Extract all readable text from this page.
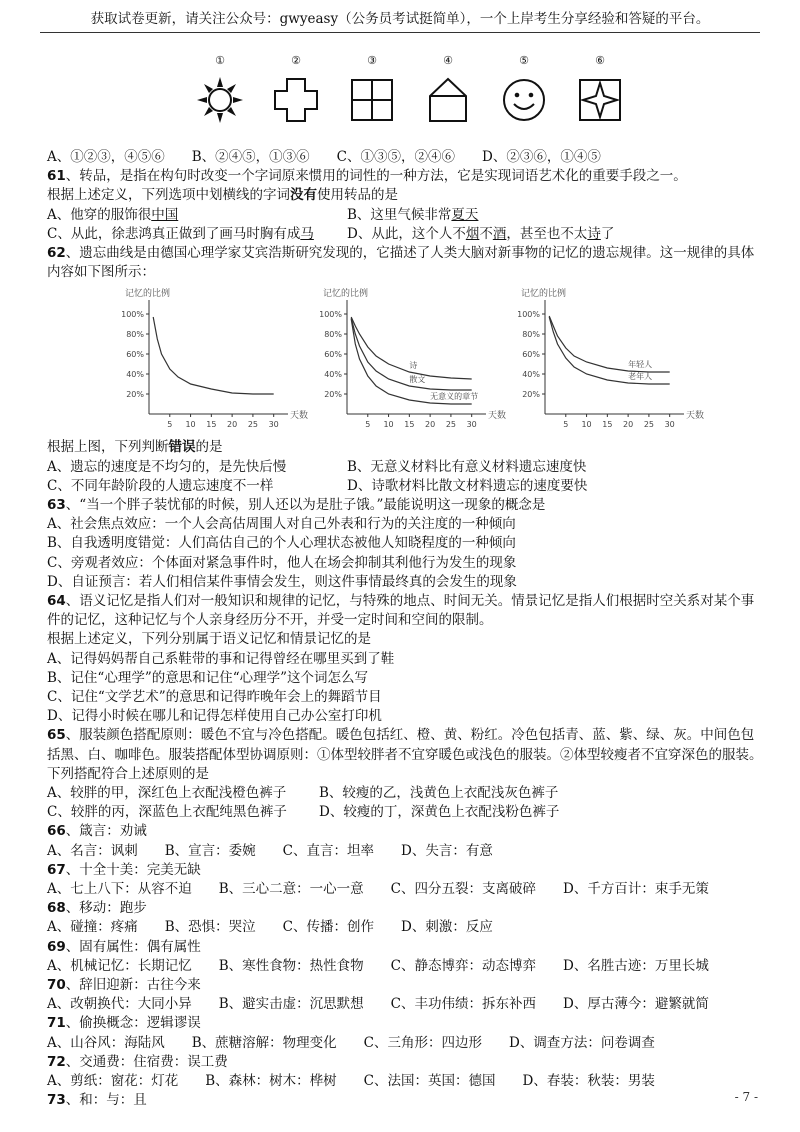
获取试卷更新，请关注公众号：gwyeasy（公务员考试挺简单），一个上岸考生分享经验和答疑的平台。
①	②	③	④	⑤	⑥

A、①②③，④⑤⑥　　B、②④⑤，①③⑥　　C、①③⑤，②④⑥　　D、②③⑥，①④⑤

61、转品，是指在构句时改变一个字词原来惯用的词性的一种方法，它是实现词语艺术化的重要手段之一。

根据上述定义，下列选项中划横线的字词没有使用转品的是

A、他穿的服饰很中国	B、这里气候非常夏天
C、从此，徐悲鸿真正做到了画马时胸有成马 D、从此，这个人不烟不酒，甚至也不太诗了

62、遗忘曲线是由德国心理学家艾宾浩斯研究发现的，它描述了人类大脑对新事物的记忆的遗忘规律。这一规律的具体内容如下图所示：

记忆的比例
天数
100%
80%
60%
40%
20%
5 10 15 20 25 30
记忆的比例
天数
100%
80%
60%
40%
20%
5 10 15 20 25 30
诗
散文
无意义的章节
记忆的比例
天数
100%
80%
60%
40%
20%
5 10 15 20 25 30
年轻人
老年人

根据上图，下列判断错误的是

A、遗忘的速度是不均匀的，是先快后慢	B、无意义材料比有意义材料遗忘速度快
C、不同年龄阶段的人遗忘速度不一样	D、诗歌材料比散文材料遗忘的速度要快

63、“当一个胖子装忧郁的时候，别人还以为是肚子饿。”最能说明这一现象的概念是

A、社会焦点效应：一个人会高估周围人对自己外表和行为的关注度的一种倾向

B、自我透明度错觉：人们高估自己的个人心理状态被他人知晓程度的一种倾向

C、旁观者效应：个体面对紧急事件时，他人在场会抑制其利他行为发生的现象

D、自证预言：若人们相信某件事情会发生，则这件事情最终真的会发生的现象

64、语义记忆是指人们对一般知识和规律的记忆，与特殊的地点、时间无关。情景记忆是指人们根据时空关系对某个事件的记忆，这种记忆与个人亲身经历分不开，并受一定时间和空间的限制。

根据上述定义，下列分别属于语义记忆和情景记忆的是

A、记得妈妈帮自己系鞋带的事和记得曾经在哪里买到了鞋

B、记住“心理学”的意思和记住“心理学”这个词怎么写

C、记住“文学艺术”的意思和记得昨晚年会上的舞蹈节目

D、记得小时候在哪儿和记得怎样使用自己办公室打印机

65、服装颜色搭配原则：暖色不宜与冷色搭配。暖色包括红、橙、黄、粉红。冷色包括青、蓝、紫、绿、灰。中间色包括黑、白、咖啡色。服装搭配体型协调原则：①体型较胖者不宜穿暖色或浅色的服装。②体型较瘦者不宜穿深色的服装。

下列搭配符合上述原则的是

A、较胖的甲，深红色上衣配浅橙色裤子 B、较瘦的乙，浅黄色上衣配浅灰色裤子
C、较胖的丙，深蓝色上衣配纯黑色裤子 D、较瘦的丁，深黄色上衣配浅粉色裤子

66、箴言：劝诫

A、名言：讽刺　　B、宣言：委婉　　C、直言：坦率　　D、失言：有意

67、十全十美：完美无缺

A、七上八下：从容不迫　　B、三心二意：一心一意　　C、四分五裂：支离破碎　　D、千方百计：束手无策

68、移动：跑步

A、碰撞：疼痛　　B、恐惧：哭泣　　C、传播：创作　　D、刺激：反应

69、固有属性：偶有属性

A、机械记忆：长期记忆　　B、寒性食物：热性食物　　C、静态博弈：动态博弈　　D、名胜古迹：万里长城

70、辞旧迎新：古往今来

A、改朝换代：大同小异　　B、避实击虚：沉思默想　　C、丰功伟绩：拆东补西　　D、厚古薄今：避繁就简

71、偷换概念：逻辑谬误

A、山谷风：海陆风　　B、蔗糖溶解：物理变化　　C、三角形：四边形　　D、调查方法：问卷调查

72、交通费：住宿费：误工费

A、剪纸：窗花：灯花　　B、森林：树木：桦树　　C、法国：英国：德国　　D、春装：秋装：男装

73、和：与：且	- 7 -
